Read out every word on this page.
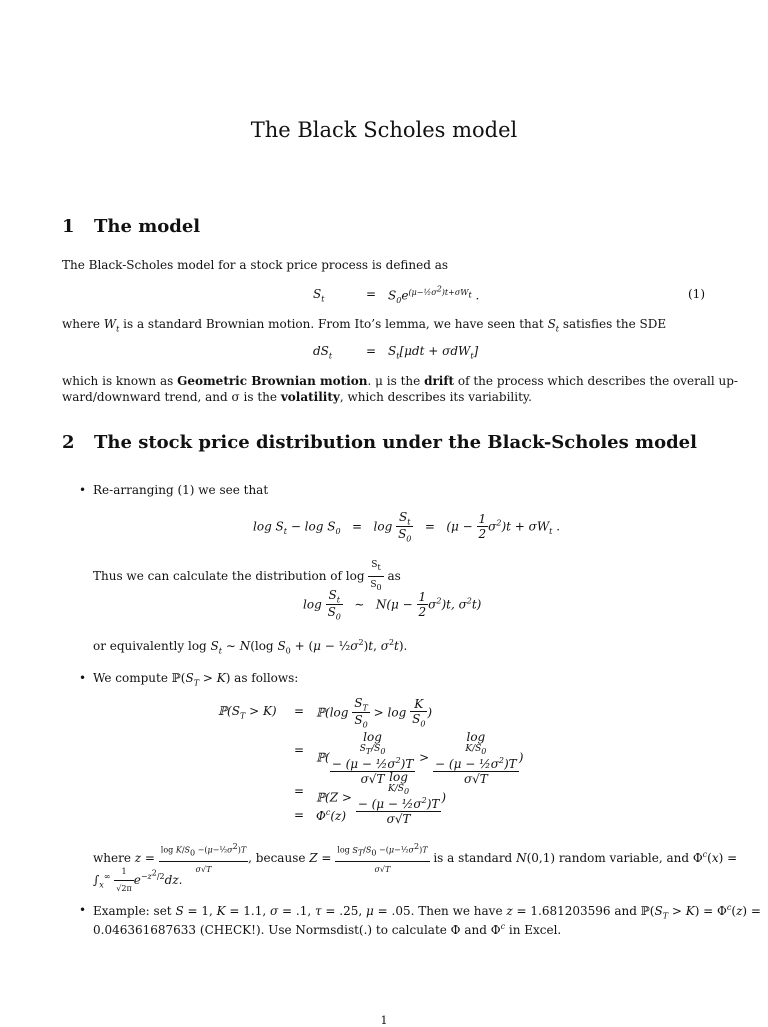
The Black Scholes model
1 The model
The Black-Scholes model for a stock price process is defined as
$S_t$	= $S_0e^{(\mu-\frac{1}{2}\sigma^2)t+\sigma W_t}$ .	(1)
where $W_t$ is a standard Brownian motion. From Ito’s lemma, we have seen that $S_t$ satisfies the SDE
$dS_t$	= $S_t[\mu dt + \sigma dW_t]$
which is known as Geometric Brownian motion. μ is the drift of the process which describes the overall up-
ward/downward trend, and σ is the volatility, which describes its variability.
2 The stock price distribution under the Black-Scholes model
• Re-arranging (1) we see that
$\log S_t - \log S_0 = \log \frac{S_t}{S_0} = (\mu - \frac{1}{2} \sigma^2)t + \sigma W_t$ .
Thus we can calculate the distribution of $\log \frac{S_t}{S_0}$ as
$\log \frac{S_t}{S_0}$ ∼   $N(\mu - \frac{1}{2} \sigma^2)t$, $\sigma^2t$)
or equivalently $\log S_t$ ∼ N(log $S_0 + (\mu$ − $\frac{1}{2}\sigma^2)t$, $\sigma^2t$).
• We compute $ℙ(S_T > K)$ as follows:
$ℙ(S_T > K)$ = ℙ(log $\frac{S_T}{S_0} > \log \frac{K}{S_0}$ )
=
ℙ( log
$S_T/S_0$
− $(\mu - \frac{1}{2}\sigma^2)T$
σ√T > log
$K/S_0$
− $(\mu - \frac{1}{2}\sigma^2)T$
σ√T )
= ℙ(Z > log
$K/S_0$
− $(\mu - \frac{1}{2}\sigma^2)T$
σ√T )
= $\Phi^c(z)$
where $z = \frac{\log K/S_0 -(\mu-\frac{1}{2}\sigma^2)T}{\sigma√T}$ , because $Z = \frac{\log S_T/S_0 -(\mu-\frac{1}{2}\sigma^2)T}{\sigma√T}$ is a standard N(0,1) random variable, and $\Phi^c(x)$ =
$\int_x^\infty \frac{1}{√2\pi} e^{-z^2/2}dz$.
• Example: set S = 1, K = 1.1, σ = .1, τ = .25, μ = .05. Then we have z = 1.681203596 and $ℙ(S_T > K) = \Phi^c(z)$ =
0.046361687633 (CHECK!). Use Normsdist(.) to calculate Φ and $\Phi^c$ in Excel.
1
